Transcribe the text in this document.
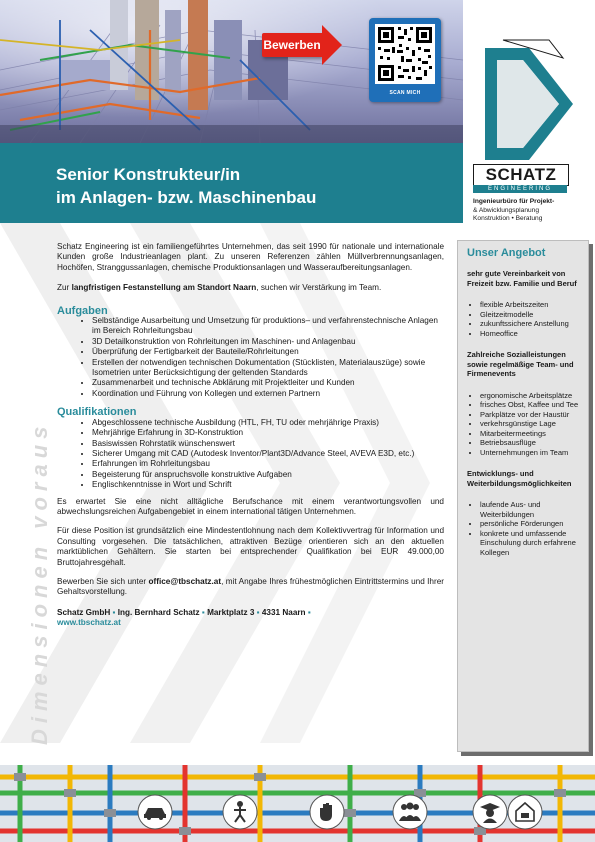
Bewerben
SCAN MICH
Senior Konstrukteur/in
im Anlagen- bzw. Maschinenbau
SCHATZ
ENGINEERING
Ingenieurbüro für Projekt-
& Abwicklungsplanung
Konstruktion • Beratung
Dimensionen voraus

Schatz Engineering ist ein familiengeführtes Unternehmen, das seit 1990 für nationale und internationale Kunden große Industrieanlagen plant. Zu unseren Referenzen zählen Müllverbrennungsanlagen, Hochöfen, Stranggussanlagen, chemische Produktionsanlagen und Wasseraufbereitungsanlagen.

Zur langfristigen Festanstellung am Standort Naarn, suchen wir Verstärkung im Team.

Aufgaben
• Selbständige Ausarbeitung und Umsetzung für produktions– und verfahrenstechnische Anlagen im Bereich Rohrleitungsbau
• 3D Detailkonstruktion von Rohrleitungen im Maschinen- und Anlagenbau
• Überprüfung der Fertigbarkeit der Bauteile/Rohrleitungen
• Erstellen der notwendigen technischen Dokumentation (Stücklisten, Materialauszüge) sowie Isometrien unter Berücksichtigung der geltenden Standards
• Zusammenarbeit und technische Abklärung mit Projektleiter und Kunden
• Koordination und Führung von Kollegen und externen Partnern
Qualifikationen
• Abgeschlossene technische Ausbildung (HTL, FH, TU oder mehrjährige Praxis)
• Mehrjährige Erfahrung in 3D-Konstruktion
• Basiswissen Rohrstatik wünschenswert
• Sicherer Umgang mit CAD (Autodesk Inventor/Plant3D/Advance Steel, AVEVA E3D, etc.)
• Erfahrungen im Rohrleitungsbau
• Begeisterung für anspruchsvolle konstruktive Aufgaben
• Englischkenntnisse in Wort und Schrift

Es erwartet Sie eine nicht alltägliche Berufschance mit einem verantwortungsvollen und abwechslungsreichen Aufgabengebiet in einem international tätigen Unternehmen.

Für diese Position ist grundsätzlich eine Mindestentlohnung nach dem Kollektivvertrag für Information und Consulting vorgesehen. Die tatsächlichen, attraktiven Bezüge orientieren sich an den aktuellen marktüblichen Gehältern. Sie starten bei entsprechender Qualifikation bei EUR 49.000,00 Bruttojahresgehalt.

Bewerben Sie sich unter office@tbschatz.at, mit Angabe Ihres frühestmöglichen Eintrittstermins und Ihrer Gehaltsvorstellung.

Schatz GmbH ▪ Ing. Bernhard Schatz ▪ Marktplatz 3 ▪ 4331 Naarn ▪
www.tbschatz.at
Unser Angebot

sehr gute Vereinbarkeit von Freizeit bzw. Familie und Beruf

• flexible Arbeitszeiten
• Gleitzeitmodelle
• zukunftssichere Anstellung
• Homeoffice

Zahlreiche Sozialleistungen sowie regelmäßige Team- und Firmenevents

• ergonomische Arbeitsplätze
• frisches Obst, Kaffee und Tee
• Parkplätze vor der Haustür
• verkehrsgünstige Lage
• Mitarbeitermeetings
• Betriebsausflüge
• Unternehmungen im Team

Entwicklungs- und Weiterbildungsmöglichkeiten

• laufende Aus- und Weiterbildungen
• persönliche Förderungen
• konkrete und umfassende Einschulung durch erfahrene Kollegen
